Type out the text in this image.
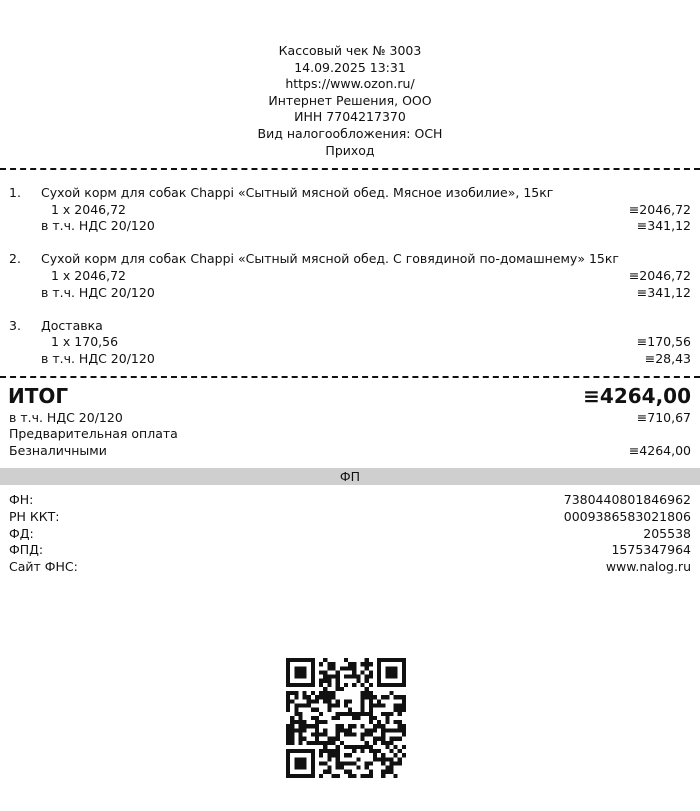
Кассовый чек № 3003
14.09.2025 13:31
https://www.ozon.ru/
Интернет Решения, ООО
ИНН 7704217370
Вид налогообложения: ОСН
Приход
1. Сухой корм для собак Chappi «Сытный мясной обед. Мясное изобилие», 15кг
1 x 2046,72	≡2046,72
в т.ч. НДС 20/120	≡341,12
2. Сухой корм для собак Chappi «Сытный мясной обед. С говядиной по-домашнему» 15кг
1 x 2046,72	≡2046,72
в т.ч. НДС 20/120	≡341,12
3. Доставка
1 x 170,56	≡170,56
в т.ч. НДС 20/120	≡28,43
ИТОГ	≡4264,00
в т.ч. НДС 20/120	≡710,67
Предварительная оплата
Безналичными	≡4264,00
ФП
ФН:	7380440801846962
РН ККТ:	0009386583021806
ФД:	205538
ФПД:	1575347964
Сайт ФНС:	www.nalog.ru
